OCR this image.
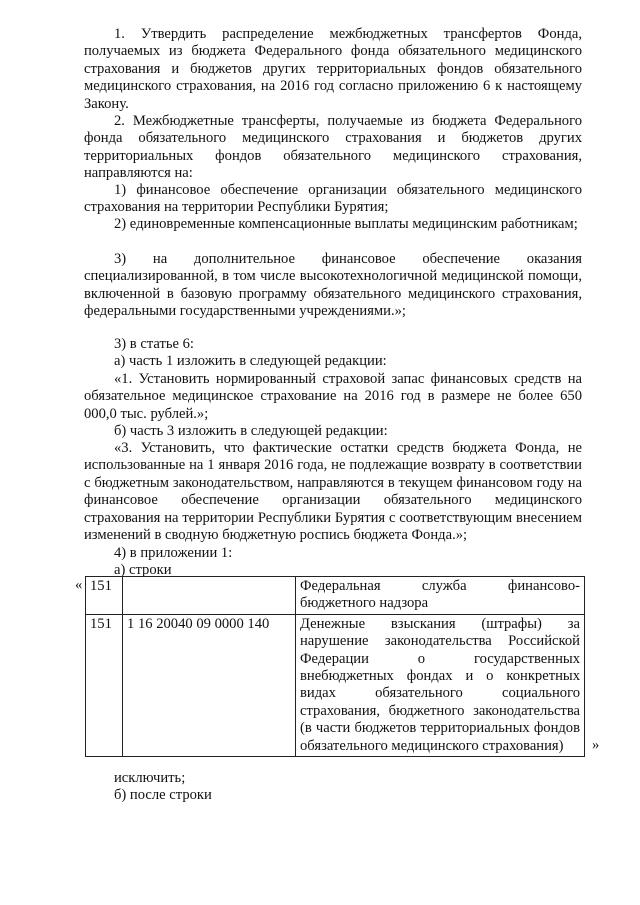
1. Утвердить распределение межбюджетных трансфертов Фонда, получаемых из бюджета Федерального фонда обязательного медицинского страхования и бюджетов других территориальных фондов обязательного медицинского страхования, на 2016 год согласно приложению 6 к настоящему Закону.

2. Межбюджетные трансферты, получаемые из бюджета Федерального фонда обязательного медицинского страхования и бюджетов других территориальных фондов обязательного медицинского страхования, направляются на:

1) финансовое обеспечение организации обязательного медицинского страхования на территории Республики Бурятия;

2) единовременные компенсационные выплаты медицинским работникам;

3) на дополнительное финансовое обеспечение оказания специализированной, в том числе высокотехнологичной медицинской помощи, включенной в базовую программу обязательного медицинского страхования, федеральными государственными учреждениями.»;

3) в статье 6:

а) часть 1 изложить в следующей редакции:

«1. Установить нормированный страховой запас финансовых средств на обязательное медицинское страхование на 2016 год в размере не более 650 000,0 тыс. рублей.»;

б) часть 3 изложить в следующей редакции:

«3. Установить, что фактические остатки средств бюджета Фонда, не использованные на 1 января 2016 года, не подлежащие возврату в соответствии с бюджетным законодательством, направляются в текущем финансовом году на финансовое обеспечение организации обязательного медицинского страхования на территории Республики Бурятия с соответствующим внесением изменений в сводную бюджетную роспись бюджета Фонда.»;

4) в приложении 1:

а) строки

« 151		Федеральная служба финансово-бюджетного надзора
151	1 16 20040 09 0000 140	Денежные взыскания (штрафы) за нарушение законодательства Российской Федерации о государственных внебюджетных фондах и о конкретных видах обязательного социального страхования, бюджетного законодательства (в части бюджетов территориальных фондов обязательного медицинского страхования) »

исключить;

б) после строки
